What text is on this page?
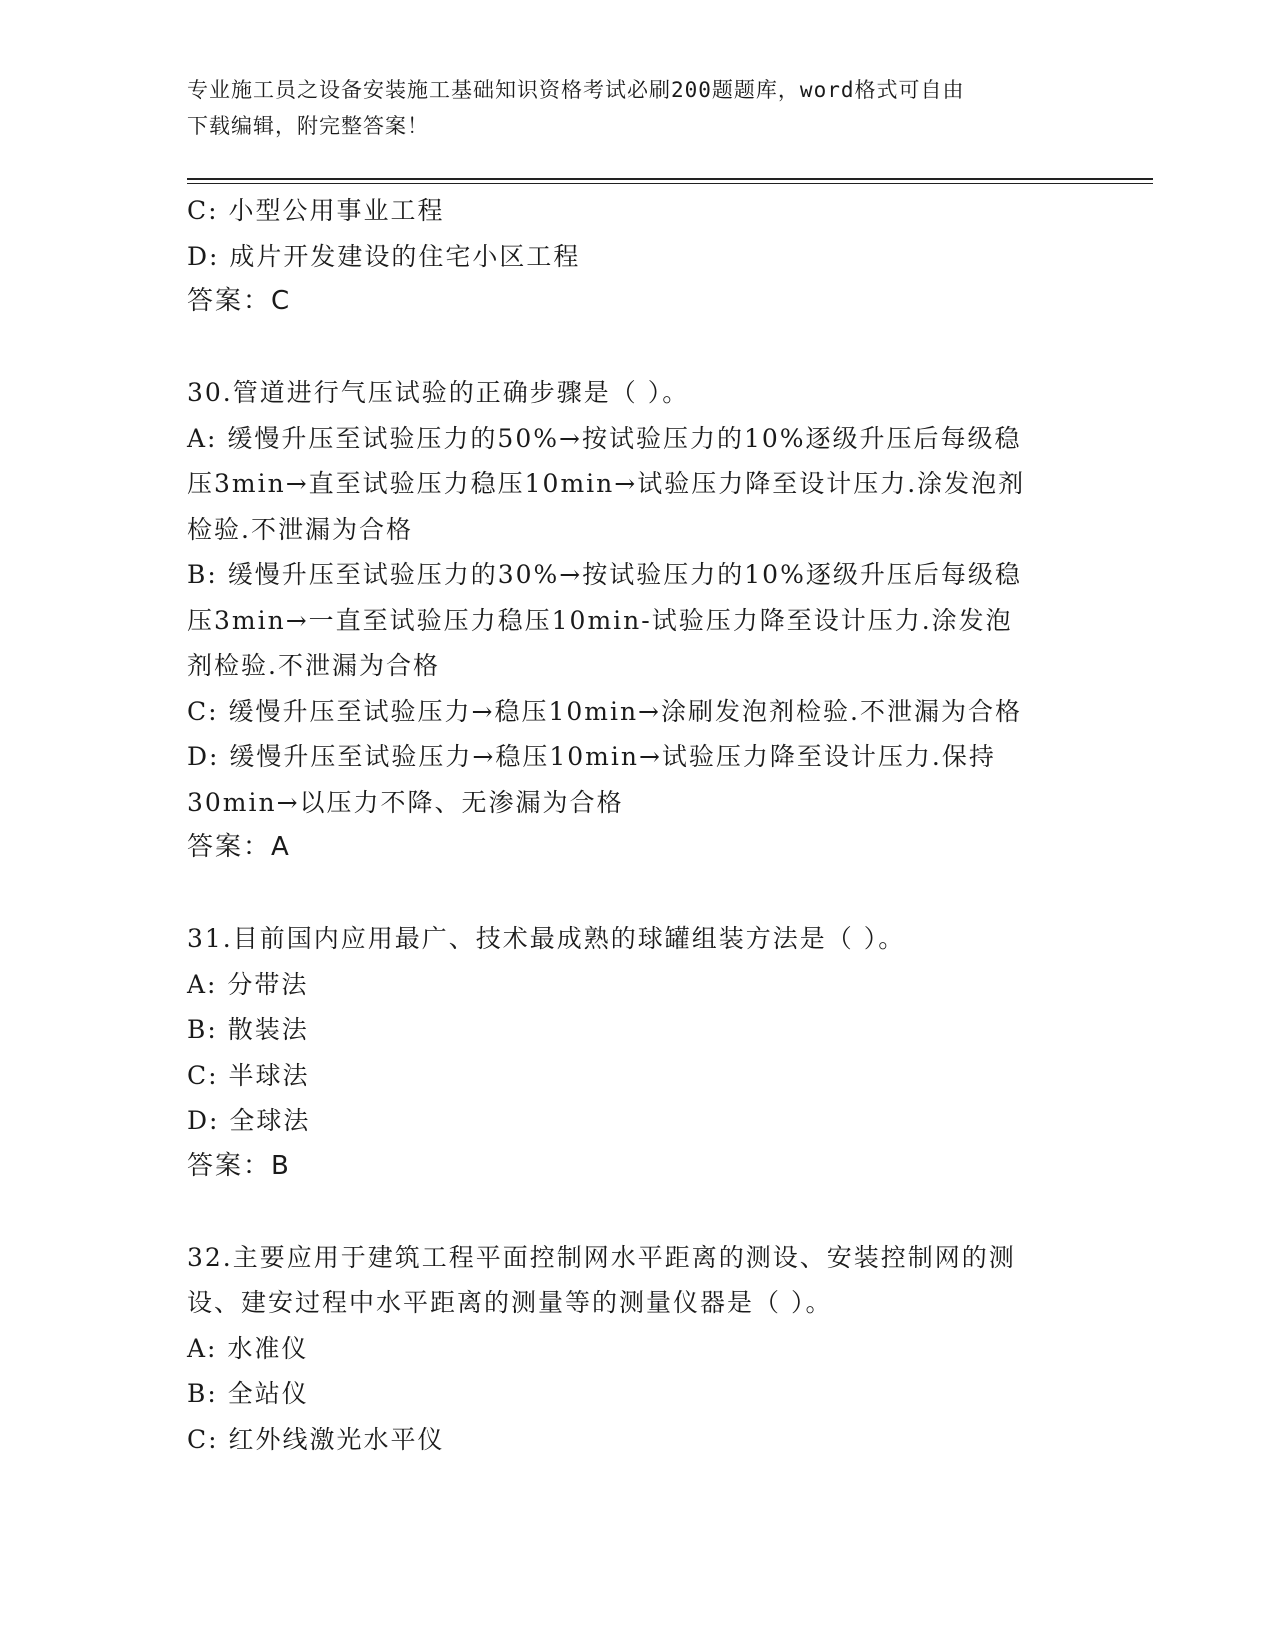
专业施工员之设备安装施工基础知识资格考试必刷200题题库，word格式可自由
下载编辑，附完整答案！
C: 小型公用事业工程
D: 成片开发建设的住宅小区工程
答案：C
30.管道进行气压试验的正确步骤是（ ）。
A: 缓慢升压至试验压力的50%→按试验压力的10%逐级升压后每级稳
压3min→直至试验压力稳压10min→试验压力降至设计压力.涂发泡剂
检验.不泄漏为合格
B: 缓慢升压至试验压力的30%→按试验压力的10%逐级升压后每级稳
压3min→一直至试验压力稳压10min-试验压力降至设计压力.涂发泡
剂检验.不泄漏为合格
C: 缓慢升压至试验压力→稳压10min→涂刷发泡剂检验.不泄漏为合格
D: 缓慢升压至试验压力→稳压10min→试验压力降至设计压力.保持
30min→以压力不降、无渗漏为合格
答案：A
31.目前国内应用最广、技术最成熟的球罐组装方法是（ ）。
A: 分带法
B: 散装法
C: 半球法
D: 全球法
答案：B
32.主要应用于建筑工程平面控制网水平距离的测设、安装控制网的测
设、建安过程中水平距离的测量等的测量仪器是（ ）。
A: 水准仪
B: 全站仪
C: 红外线激光水平仪
